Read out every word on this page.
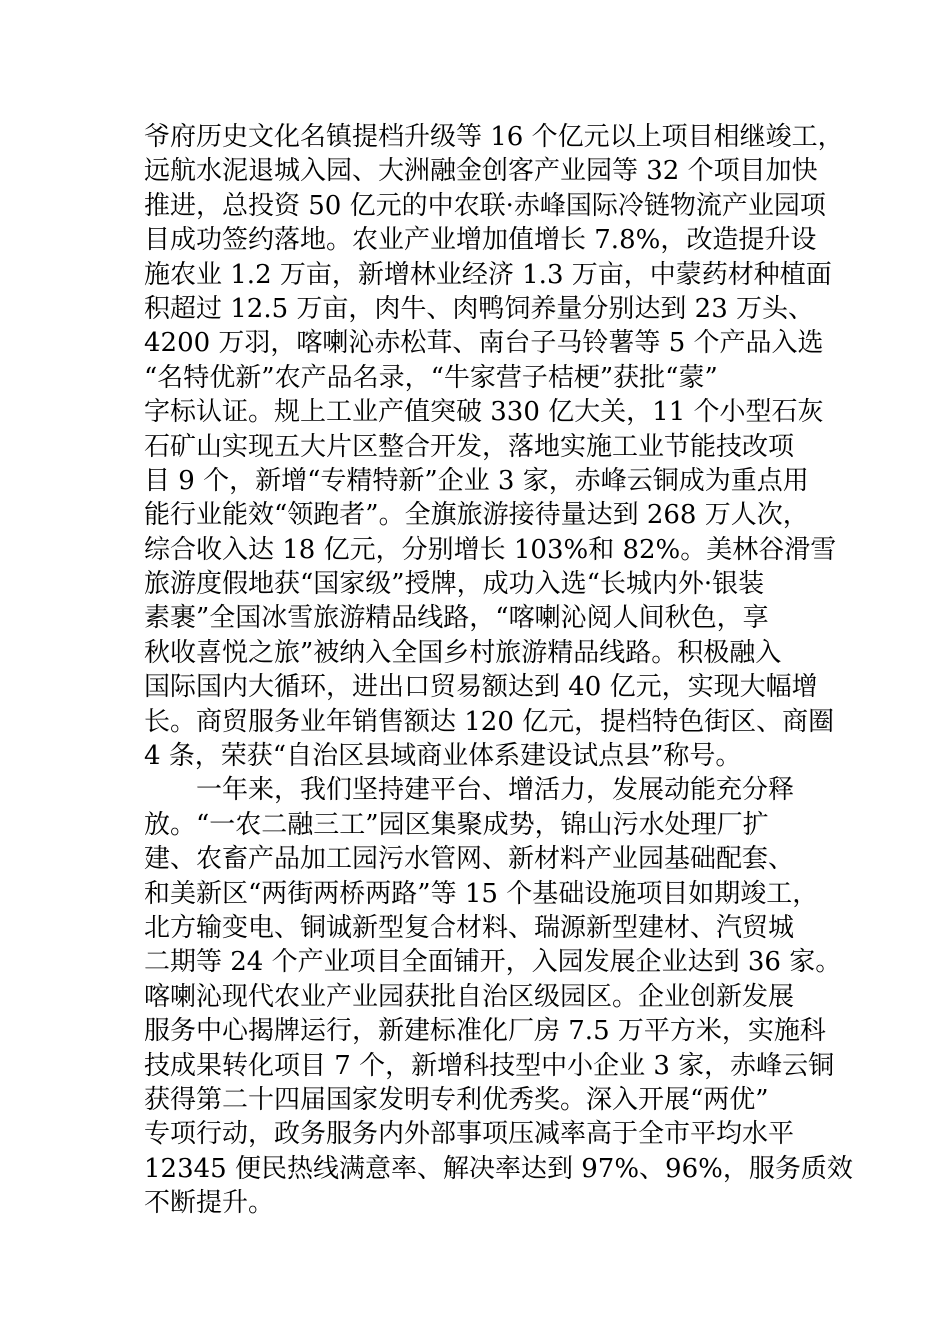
爷府历史文化名镇提档升级等 16 个亿元以上项目相继竣工，
远航水泥退城入园、大洲融金创客产业园等 32 个项目加快
推进，总投资 50 亿元的中农联·赤峰国际冷链物流产业园项
目成功签约落地。农业产业增加值增长 7.8%，改造提升设
施农业 1.2 万亩，新增林业经济 1.3 万亩，中蒙药材种植面
积超过 12.5 万亩，肉牛、肉鸭饲养量分别达到 23 万头、
4200 万羽，喀喇沁赤松茸、南台子马铃薯等 5 个产品入选
“名特优新”农产品名录，“牛家营子桔梗”获批“蒙”
字标认证。规上工业产值突破 330 亿大关，11 个小型石灰
石矿山实现五大片区整合开发，落地实施工业节能技改项
目 9 个，新增“专精特新”企业 3 家，赤峰云铜成为重点用
能行业能效“领跑者”。全旗旅游接待量达到 268 万人次，
综合收入达 18 亿元，分别增长 103%和 82%。美林谷滑雪
旅游度假地获“国家级”授牌，成功入选“长城内外·银装
素裹”全国冰雪旅游精品线路，“喀喇沁阅人间秋色，享
秋收喜悦之旅”被纳入全国乡村旅游精品线路。积极融入
国际国内大循环，进出口贸易额达到 40 亿元，实现大幅增
长。商贸服务业年销售额达 120 亿元，提档特色街区、商圈
4 条，荣获“自治区县域商业体系建设试点县”称号。
一年来，我们坚持建平台、增活力，发展动能充分释
放。“一农二融三工”园区集聚成势，锦山污水处理厂扩
建、农畜产品加工园污水管网、新材料产业园基础配套、
和美新区“两街两桥两路”等 15 个基础设施项目如期竣工，
北方输变电、铜诚新型复合材料、瑞源新型建材、汽贸城
二期等 24 个产业项目全面铺开，入园发展企业达到 36 家。
喀喇沁现代农业产业园获批自治区级园区。企业创新发展
服务中心揭牌运行，新建标准化厂房 7.5 万平方米，实施科
技成果转化项目 7 个，新增科技型中小企业 3 家，赤峰云铜
获得第二十四届国家发明专利优秀奖。深入开展“两优”
专项行动，政务服务内外部事项压减率高于全市平均水平
12345 便民热线满意率、解决率达到 97%、96%，服务质效
不断提升。
